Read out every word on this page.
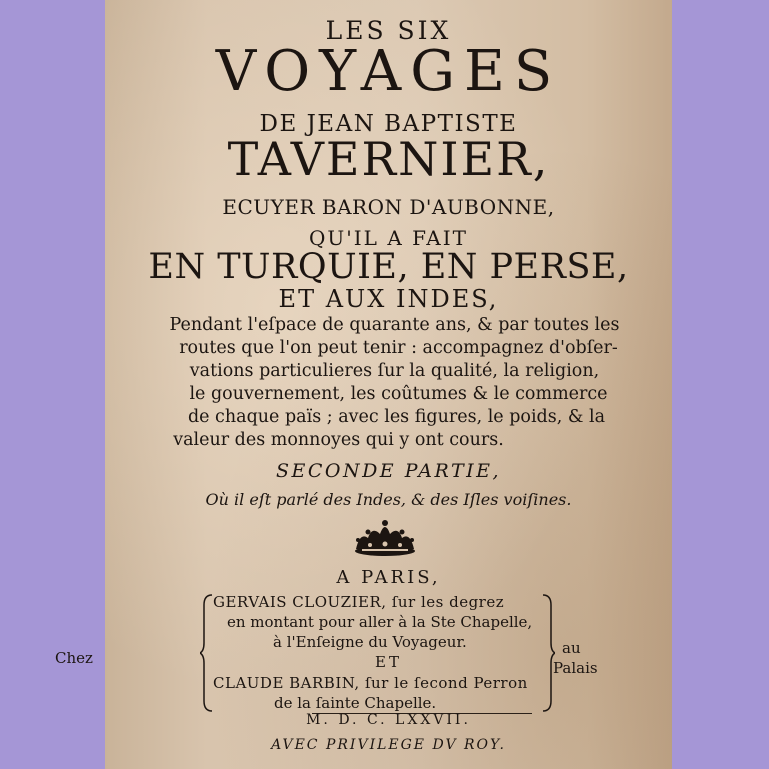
LES SIX
VOYAGES
DE JEAN BAPTISTE
TAVERNIER,
ECUYER BARON D'AUBONNE,
QU'IL A FAIT
EN TURQUIE, EN PERSE,
ET AUX INDES,
Pendant l'eſpace de quarante ans, & par toutes les
routes que l'on peut tenir : accompagnez d'obſer-
vations particulieres ſur la qualité, la religion,
le gouvernement, les coûtumes & le commerce
de chaque païs ; avec les figures, le poids, & la
valeur des monnoyes qui y ont cours.
SECONDE PARTIE,
Où il eſt parlé des Indes, & des Iſles voiſines.
A PARIS,
GERVAIS CLOUZIER, ſur les degrez
en montant pour aller à la Ste Chapelle,
à l'Enſeigne du Voyageur.
ET
CLAUDE BARBIN, ſur le ſecond Perron
de la ſainte Chapelle.
Chez
au
Palais
M. D. C. LXXVII.
AVEC PRIVILEGE DV ROY.
